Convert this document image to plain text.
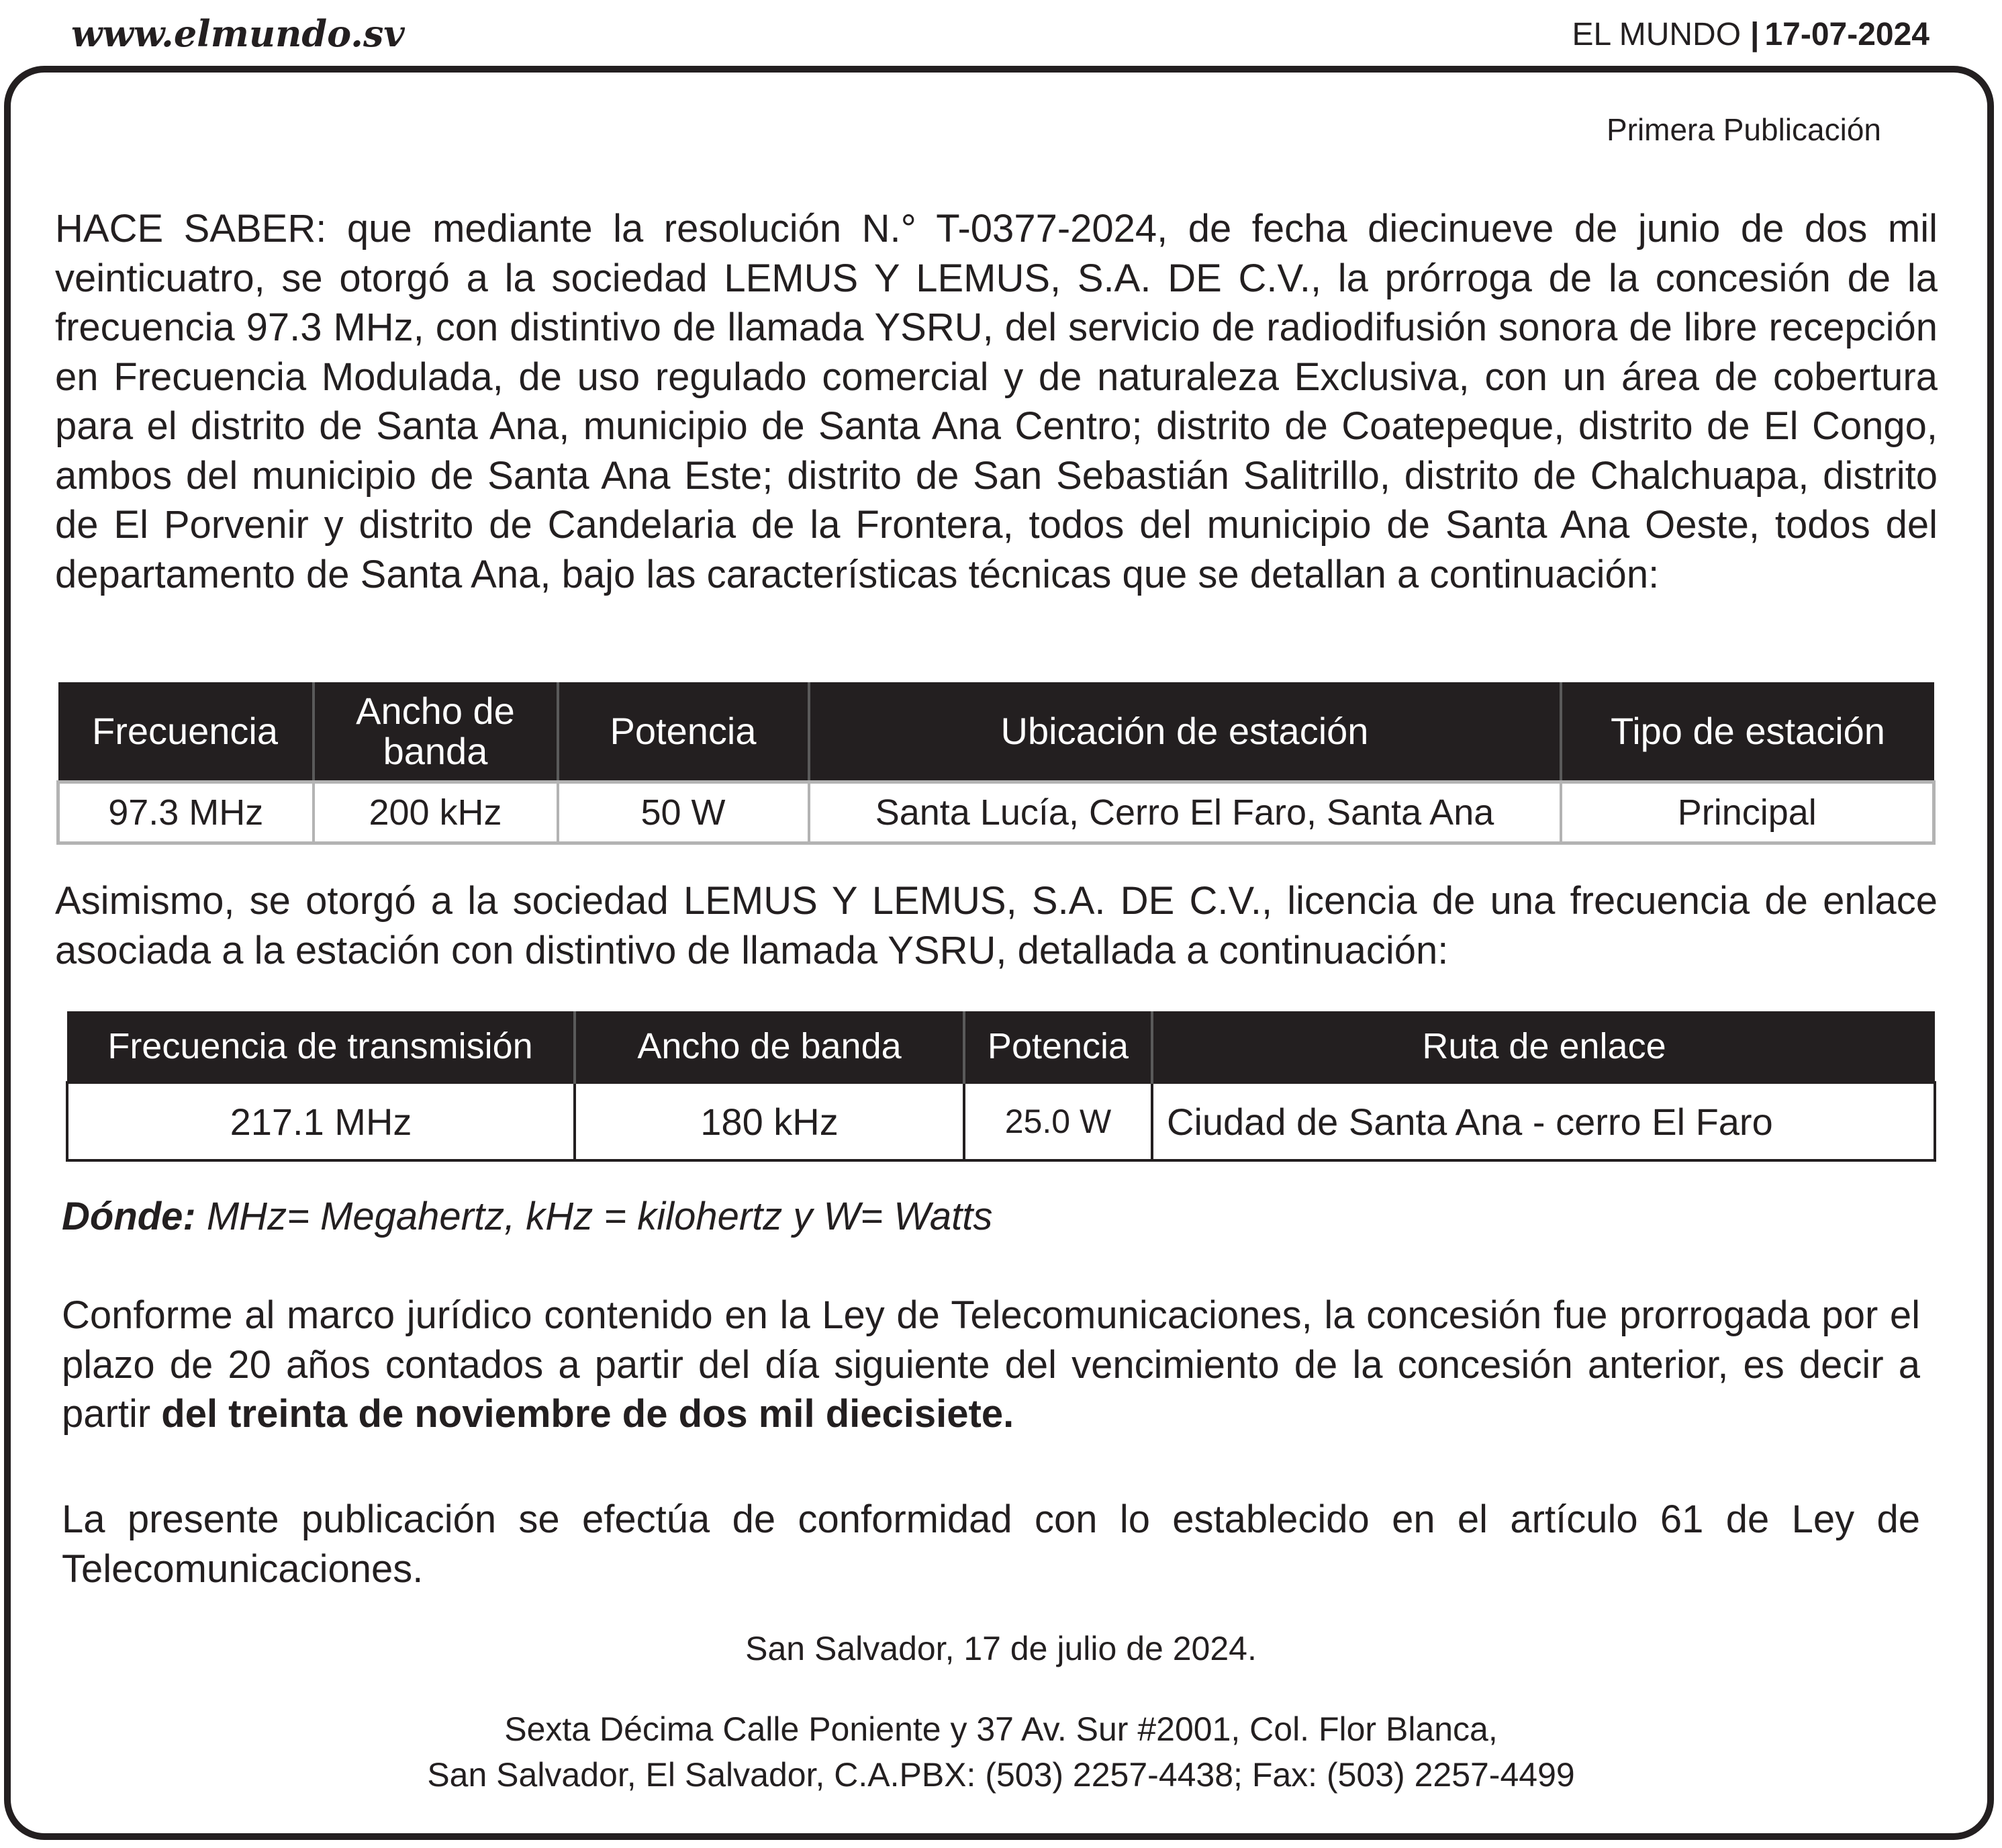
www.elmundo.sv	EL MUNDO | 17-07-2024
Primera Publicación

HACE SABER: que mediante la resolución N.° T-0377-2024, de fecha diecinueve de junio de dos mil veinticuatro, se otorgó a la sociedad LEMUS Y LEMUS, S.A. DE C.V., la prórroga de la concesión de la frecuencia 97.3 MHz, con distintivo de llamada YSRU, del servicio de radiodifusión sonora de libre recepción en Frecuencia Modulada, de uso regulado comercial y de naturaleza Exclusiva, con un área de cobertura para el distrito de Santa Ana, municipio de Santa Ana Centro; distrito de Coatepeque, distrito de El Congo, ambos del municipio de Santa Ana Este; distrito de San Sebastián Salitrillo, distrito de Chalchuapa, distrito de El Porvenir y distrito de Candelaria de la Frontera, todos del municipio de Santa Ana Oeste, todos del departamento de Santa Ana, bajo las características técnicas que se detallan a continuación:

Frecuencia	Ancho de banda	Potencia	Ubicación de estación	Tipo de estación
97.3 MHz	200 kHz	50 W	Santa Lucía, Cerro El Faro, Santa Ana	Principal

Asimismo, se otorgó a la sociedad LEMUS Y LEMUS, S.A. DE C.V., licencia de una frecuencia de enlace asociada a la estación con distintivo de llamada YSRU, detallada a continuación:

Frecuencia de transmisión	Ancho de banda	Potencia	Ruta de enlace
217.1 MHz	180 kHz	25.0 W	Ciudad de Santa Ana - cerro El Faro
Dónde: MHz= Megahertz, kHz = kilohertz y W= Watts

Conforme al marco jurídico contenido en la Ley de Telecomunicaciones, la concesión fue prorrogada por el plazo de 20 años contados a partir del día siguiente del vencimiento de la concesión anterior, es decir a partir del treinta de noviembre de dos mil diecisiete.

La presente publicación se efectúa de conformidad con lo establecido en el artículo 61 de Ley de Telecomunicaciones.

San Salvador, 17 de julio de 2024.
Sexta Décima Calle Poniente y 37 Av. Sur #2001, Col. Flor Blanca,
San Salvador, El Salvador, C.A.PBX: (503) 2257-4438; Fax: (503) 2257-4499
